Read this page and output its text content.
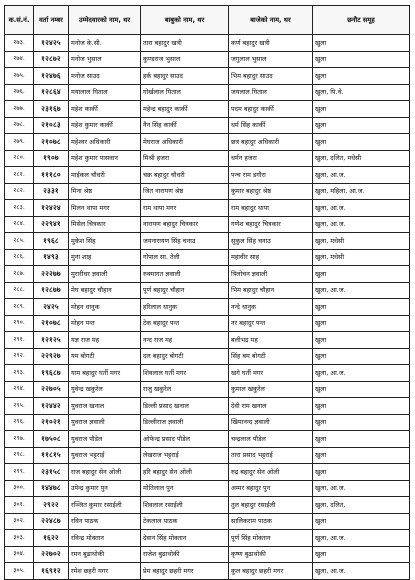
क.सं.नं.	वर्ता नम्बर	उम्मेदवारको नाम, थर	बाबुको नाम, थर	बाजेको नाम, थर	छनौट समूह
२७३.	१२४२५	मनोज के.सी.	तारा बहादुर खत्री	कर्ण बहादुर खत्री	खुला
२७४.	१२८७२	मनोज भुसाल	कुण्डराज भुसाल	जगुलाल भुसाल	खुला
२७५.	१२४७६	मनोज साउद	हर्क बहादुर साउद	भिम बहादुर साउद	खुला
२७६.	१२८६४	मयालाल घिताल	गोर्खलाल घिताल	जयलाल घिताल	खुला, पि.चे.
२७७.	२३१६७	महेश कार्की	महेन्द्र बहादुर कार्की	पदम बहादुर कार्की	खुला
२७८.	२१०८३	महेश कुमार कार्की	नैन सिंह कार्की	धर्म सिंह कार्की	खुला
२७९.	२१०७८	महेश्वर अधिकारी	मेघराज अधिकारी	छत्र बहादुर अधिकारी	खुला
२८०.	१९०७	महेश कुमार पासवान	मिश्री हजरा	धर्मन हजरा	खुला, दलित, मधेसी
२८१.	१११८०	माईकल चौधरी	चक्र बहादुर चौधरी	पन्च राम डगौरा	खुला, आ.ज.
२८२.	२३३१	मिना श्रेष्ठ	जित नारायण श्रेष्ठ	कुमार बहादुर श्रेष्ठ	खुला, महिला, आ.ज.
२८३.	१२४२४	मिलन थापा मगर	राम थापा मगर	राम बहादुर थापा	खुला, आ.ज.
२८४.	२२९४१	मिसेल चित्रकार	नारायण बहादुर चित्रकार	गणेश बहादुर चित्रकार	खुला, आ.ज.
२८५.	१९६८	मुकेश सिंह	जयनारायण सिंह चनाउ	सुकुल सिंह चनाउ	खुला, मधेसी
२८६.	१४९३	मुना शाह	गोपाल सा. तेली	महावीर साह	खुला, मधेसी
२८७.	२२२७७	मुरारीधर ज्ञवाली	रुक्मागत ज्ञवाली	त्रिलोचन ज्ञवाली	खुला
२८८.	१२८७७	मेघ बहादुर चौहान	पूर्ण बहादुर चौहान	भिम बहादुर चौहान	खुला, आ.ज.
२८९.	२४२५	मोहन धानुक	हरिलाल धानुक	नन्दे धानुक	खुला
२९०.	२१०७८	मोहन पन्त	टेक बहादुर पन्त	नर बहादुर पन्त	खुला
२९१.	१२१२५	यज्ञ राज मह	नन्द राज मह	बलीभद्र मह	खुला
२९२.	२२९२७	यम बोगटी	दल बहादुर बोगटी	सिंह बम बोगटी	खुला
२९३.	१९६८७	याम बहादुर घर्ती मगर	शिवलाल घर्ती मगर	खगे घर्ती मगर	खुला, आ.ज.
२९४.	२२७०५	युवेन्द्र खकुरेल	राजु खकुरेल	कुमाल खकुरेल	खुला
२९५.	१२४४२	युवराज खनाल	डिल्ली प्रसाद खनाल	देवी राम खनाल	खुला
२९६.	२१०२१	युवराज ज्ञवाली	डिल्लीराज ज्ञवाली	खिमानन्द ज्ञवाली	खुला
२९७.	१७५०८	युवराज पौडेल	ओफेन्द्र प्रसाद पौडेल	चन्द्रलाल पौडेल	खुला
२९८.	११८१५	युवराज भट्टराई	लेखराज भट्टराई	तारा प्रसाद भट्टराई	खुला
२९९.	२३१५८	राज बहादुर सेन ओली	हरि बहादुर सेन ओली	रुद्र बहादुर सेन ओली	खुला
३००.	१४४७८	उपेन्द्र कुमार पुन	मोतिलाल पुन	अम्मर बहादुर पुन	खुला, आ.ज.
३०१.	२९२२	रञ्जित कुमार रसाईली	शिवलाल रसाईली	तुल बहादुर रसाईली	खुला, दलित,
३०२.	२२४८७	रविन पाठक	टेकलाल पाठक	सालिकराम पाठक	खुला
३०३.	१६२२	रविन्द्र मोक्तान	देवान सिंह मोक्तान	पूर्ण सिंह मोक्तान	खुला, आ.ज.
३०४.	२२७०२	रमन बुढाथोकी	राजेश बुढाथोकी	कृष्ण बुढाथोकी	खुला
३०५.	१६९१२	रमेश छहरी मगर	प्रेम बहादुर छहरी मगर	कुल बहादुर छहरी मगर	खुला, आ.ज.
